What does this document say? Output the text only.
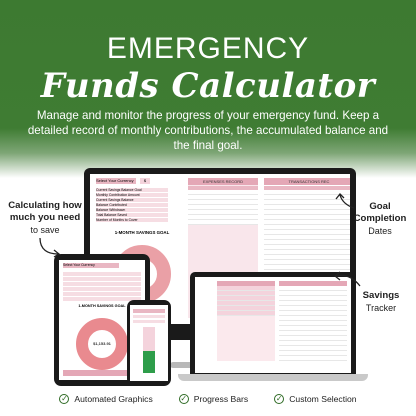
EMERGENCY
Funds Calculator
Manage and monitor the progress of your emergency fund. Keep a detailed record of monthly contributions, the accumulated balance and the final goal.
Select Your Currency	$
Current Savings Balance Goal
Monthly Contribution Amount
Current Savings Balance
Balance Contributed
Balance Withdrawn
Total Balance Saved
Number of Months to Cover
1-MONTH SAVINGS GOAL
EXPENSES RECORD	TRANSACTIONS REC
Select Your Currency
1-MONTH SAVINGS GOAL
$1,153.91
Calculating how much you need
to save
Goal Completion
Dates
Savings
Tracker
✓ Automated Graphics	✓ Progress Bars	✓ Custom Selection
